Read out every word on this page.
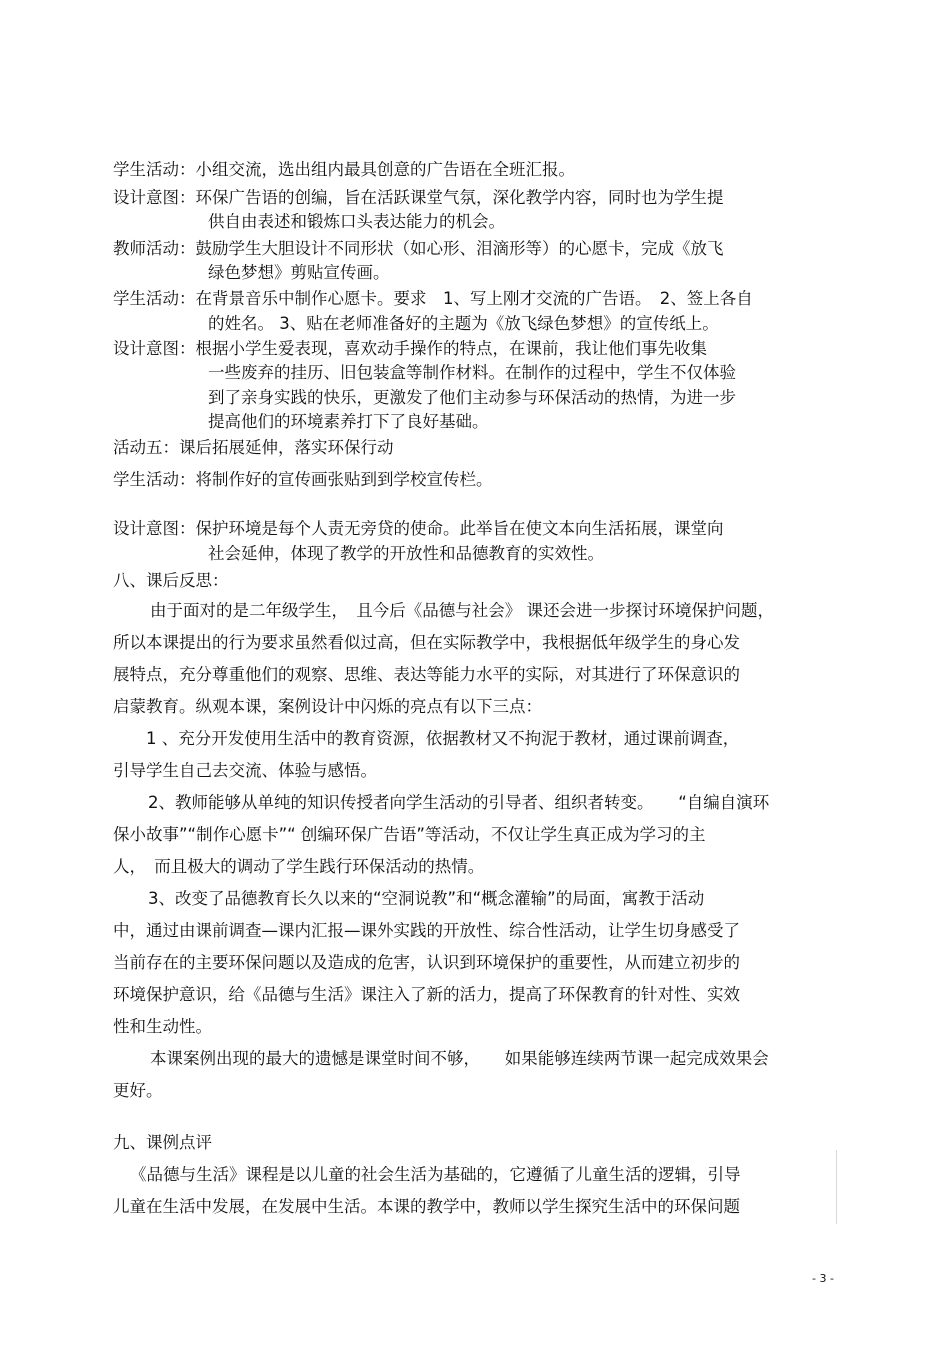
学生活动：小组交流，选出组内最具创意的广告语在全班汇报。
设计意图：环保广告语的创编，旨在活跃课堂气氛，深化教学内容，同时也为学生提
供自由表述和锻炼口头表达能力的机会。
教师活动：鼓励学生大胆设计不同形状（如心形、泪滴形等）的心愿卡，完成《放飞
绿色梦想》剪贴宣传画。
学生活动：在背景音乐中制作心愿卡。要求　1、写上刚才交流的广告语。　2、签上各自
的姓名。 3、贴在老师准备好的主题为《放飞绿色梦想》的宣传纸上。
设计意图：根据小学生爱表现，喜欢动手操作的特点，在课前，我让他们事先收集
一些废弃的挂历、旧包装盒等制作材料。在制作的过程中，学生不仅体验
到了亲身实践的快乐，更激发了他们主动参与环保活动的热情，为进一步
提高他们的环境素养打下了良好基础。
活动五：课后拓展延伸，落实环保行动
学生活动：将制作好的宣传画张贴到到学校宣传栏。
设计意图：保护环境是每个人责无旁贷的使命。此举旨在使文本向生活拓展，课堂向
社会延伸，体现了教学的开放性和品德教育的实效性。
八、课后反思：
由于面对的是二年级学生，　且今后《品德与社会》 课还会进一步探讨环境保护问题，
所以本课提出的行为要求虽然看似过高，但在实际教学中，我根据低年级学生的身心发
展特点，充分尊重他们的观察、思维、表达等能力水平的实际，对其进行了环保意识的
启蒙教育。纵观本课，案例设计中闪烁的亮点有以下三点：
1 、充分开发使用生活中的教育资源，依据教材又不拘泥于教材，通过课前调查，
引导学生自己去交流、体验与感悟。
2、教师能够从单纯的知识传授者向学生活动的引导者、组织者转变。　　“自编自演环
保小故事”“制作心愿卡”“ 创编环保广告语”等活动，不仅让学生真正成为学习的主
人，　而且极大的调动了学生践行环保活动的热情。
3、改变了品德教育长久以来的“空洞说教”和“概念灌输”的局面，寓教于活动
中，通过由课前调查—课内汇报—课外实践的开放性、综合性活动，让学生切身感受了
当前存在的主要环保问题以及造成的危害，认识到环境保护的重要性，从而建立初步的
环境保护意识，给《品德与生活》课注入了新的活力，提高了环保教育的针对性、实效
性和生动性。
本课案例出现的最大的遗憾是课堂时间不够，　　如果能够连续两节课一起完成效果会
更好。
九、课例点评
《品德与生活》课程是以儿童的社会生活为基础的，它遵循了儿童生活的逻辑，引导
儿童在生活中发展，在发展中生活。本课的教学中，教师以学生探究生活中的环保问题
- 3 -
